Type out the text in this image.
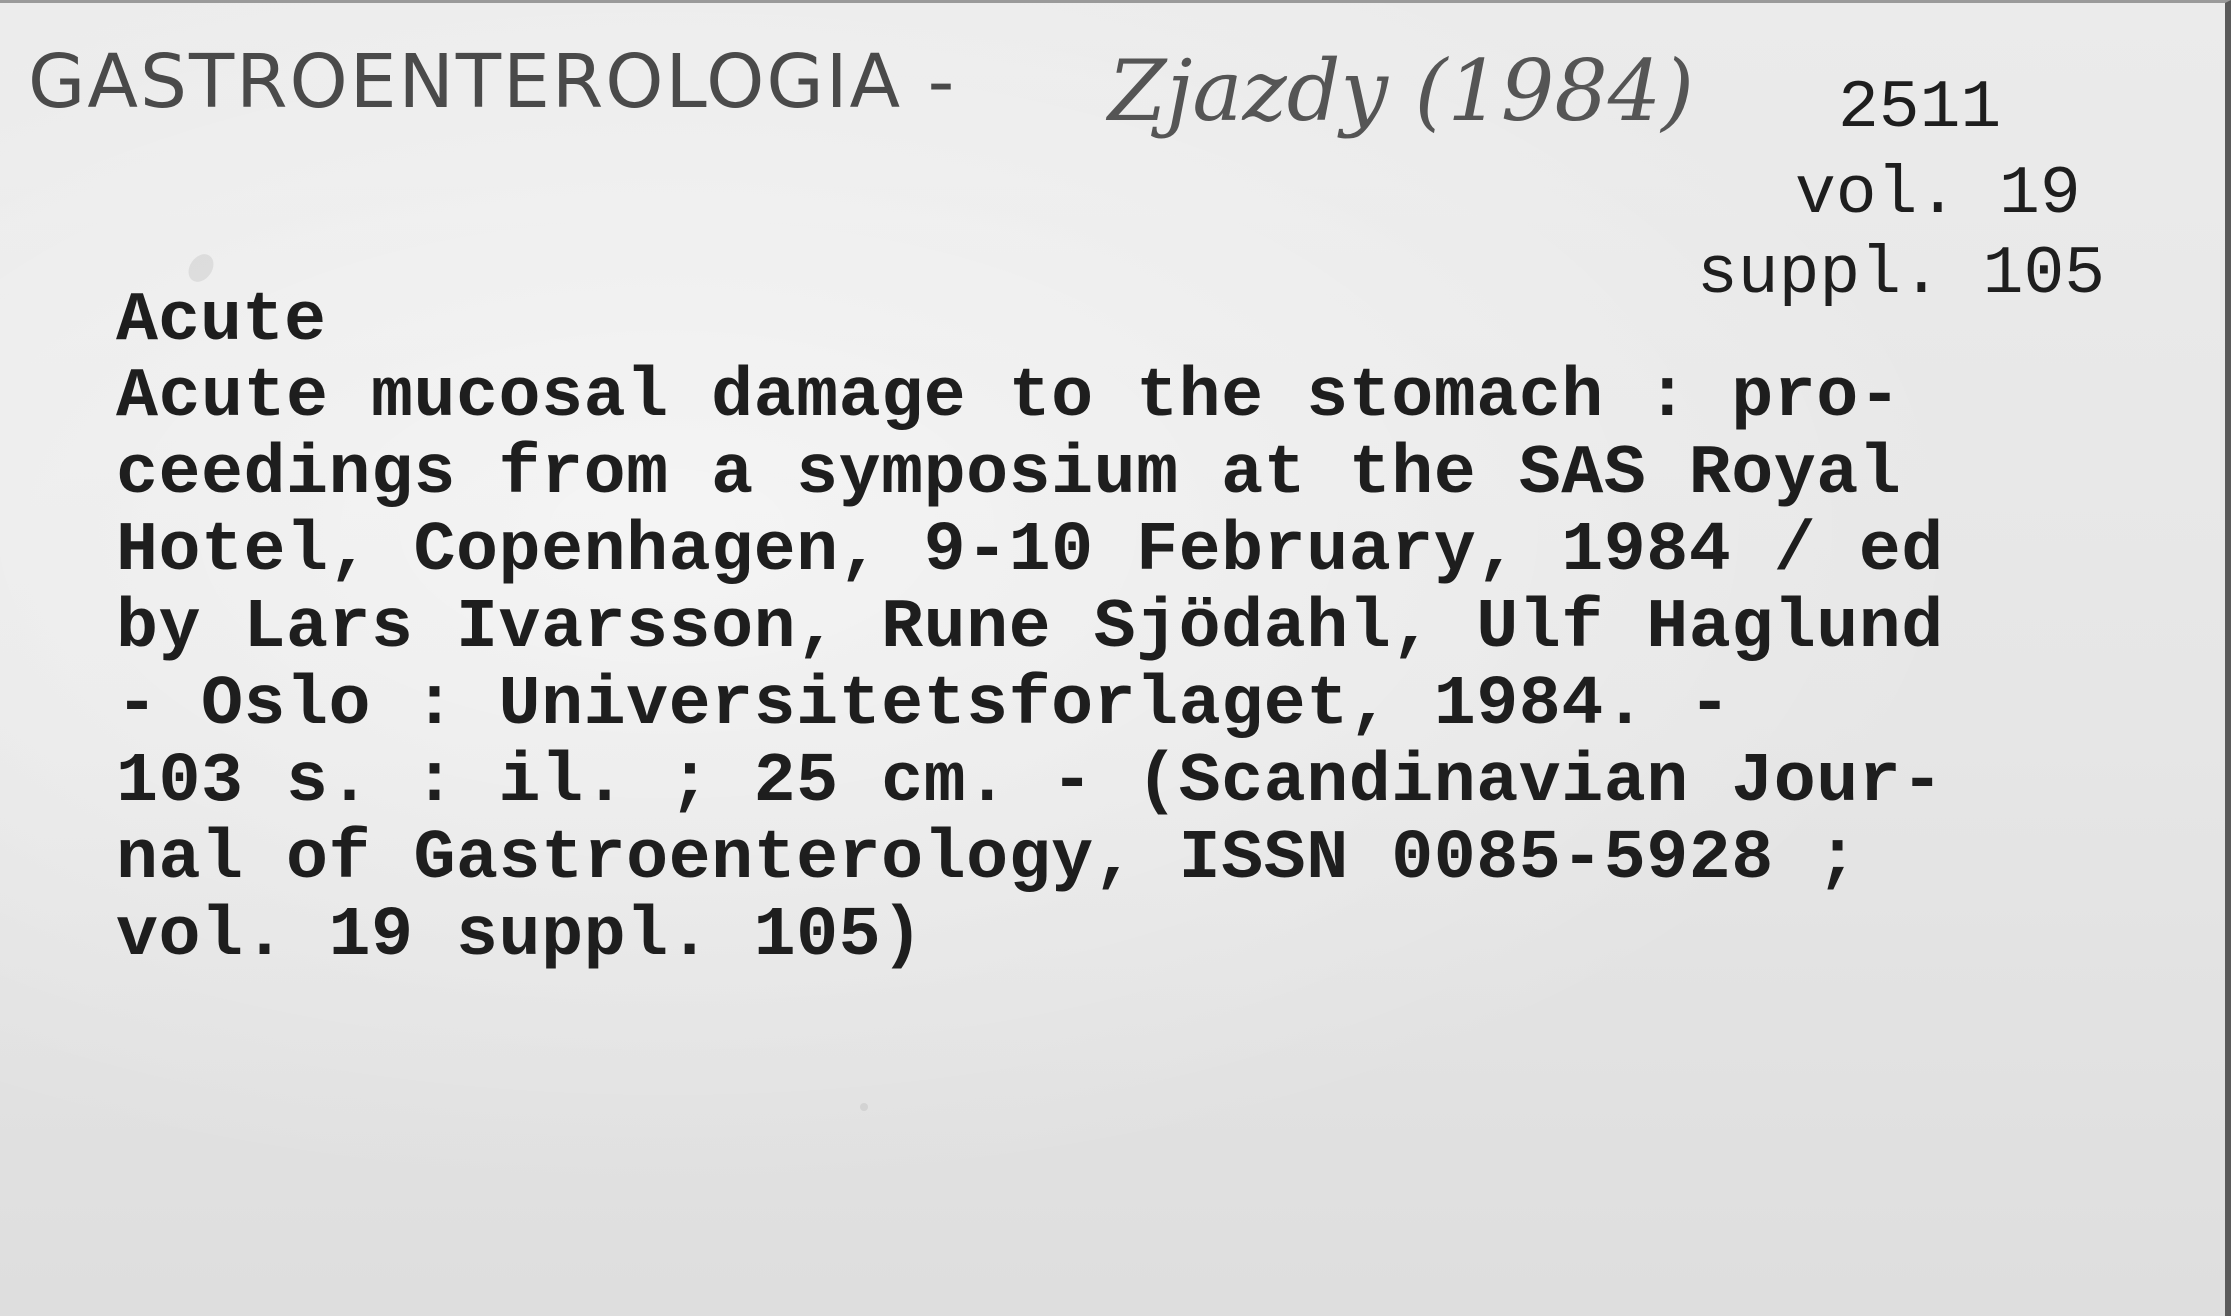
GASTROENTEROLOGIA - Zjazdy (1984) 2511
vol. 19
suppl. 105
Acute
Acute mucosal damage to the stomach : pro-
ceedings from a symposium at the SAS Royal
Hotel, Copenhagen, 9-10 February, 1984 / ed
by Lars Ivarsson, Rune Sjödahl, Ulf Haglund
- Oslo : Universitetsforlaget, 1984. -
103 s. : il. ; 25 cm. - (Scandinavian Jour-
nal of Gastroenterology, ISSN 0085-5928 ;
vol. 19 suppl. 105)
